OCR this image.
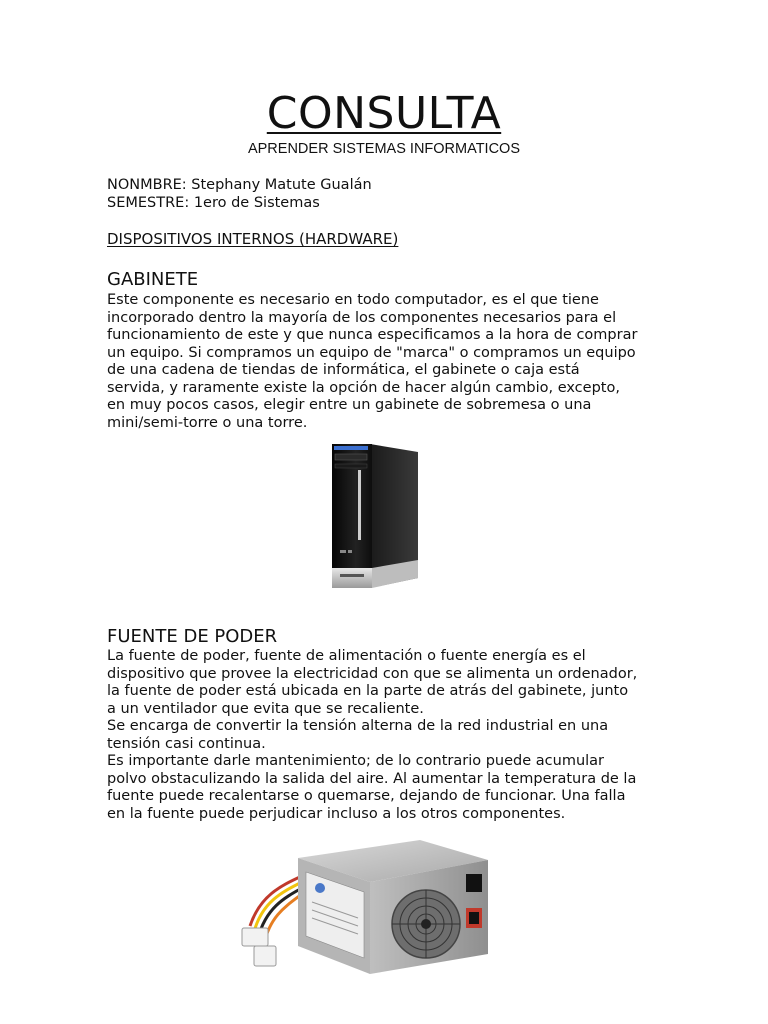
CONSULTA
APRENDER SISTEMAS INFORMATICOS
NONMBRE: Stephany Matute Gualán
SEMESTRE: 1ero de Sistemas
DISPOSITIVOS INTERNOS (HARDWARE)
GABINETE

Este componente es necesario en todo computador, es el que tiene

incorporado dentro la mayoría de los componentes necesarios para el

funcionamiento de este y que nunca especificamos a la hora de comprar

un equipo. Si compramos un equipo de "marca" o compramos un equipo

de una cadena de tiendas de informática, el gabinete o caja está

servida, y raramente existe la opción de hacer algún cambio, excepto,

en muy pocos casos, elegir entre un gabinete de sobremesa o una

mini/semi-torre o una torre.

FUENTE DE PODER

La fuente de poder, fuente de alimentación o fuente energía es el

dispositivo que provee la electricidad con que se alimenta un ordenador,

la fuente de poder está ubicada en la parte de atrás del gabinete, junto

a un ventilador que evita que se recaliente.

Se encarga de convertir la tensión alterna de la red industrial en una

tensión casi continua.

Es importante darle mantenimiento; de lo contrario puede acumular

polvo obstaculizando la salida del aire. Al aumentar la temperatura de la

fuente puede recalentarse o quemarse, dejando de funcionar. Una falla

en la fuente puede perjudicar incluso a los otros componentes.
